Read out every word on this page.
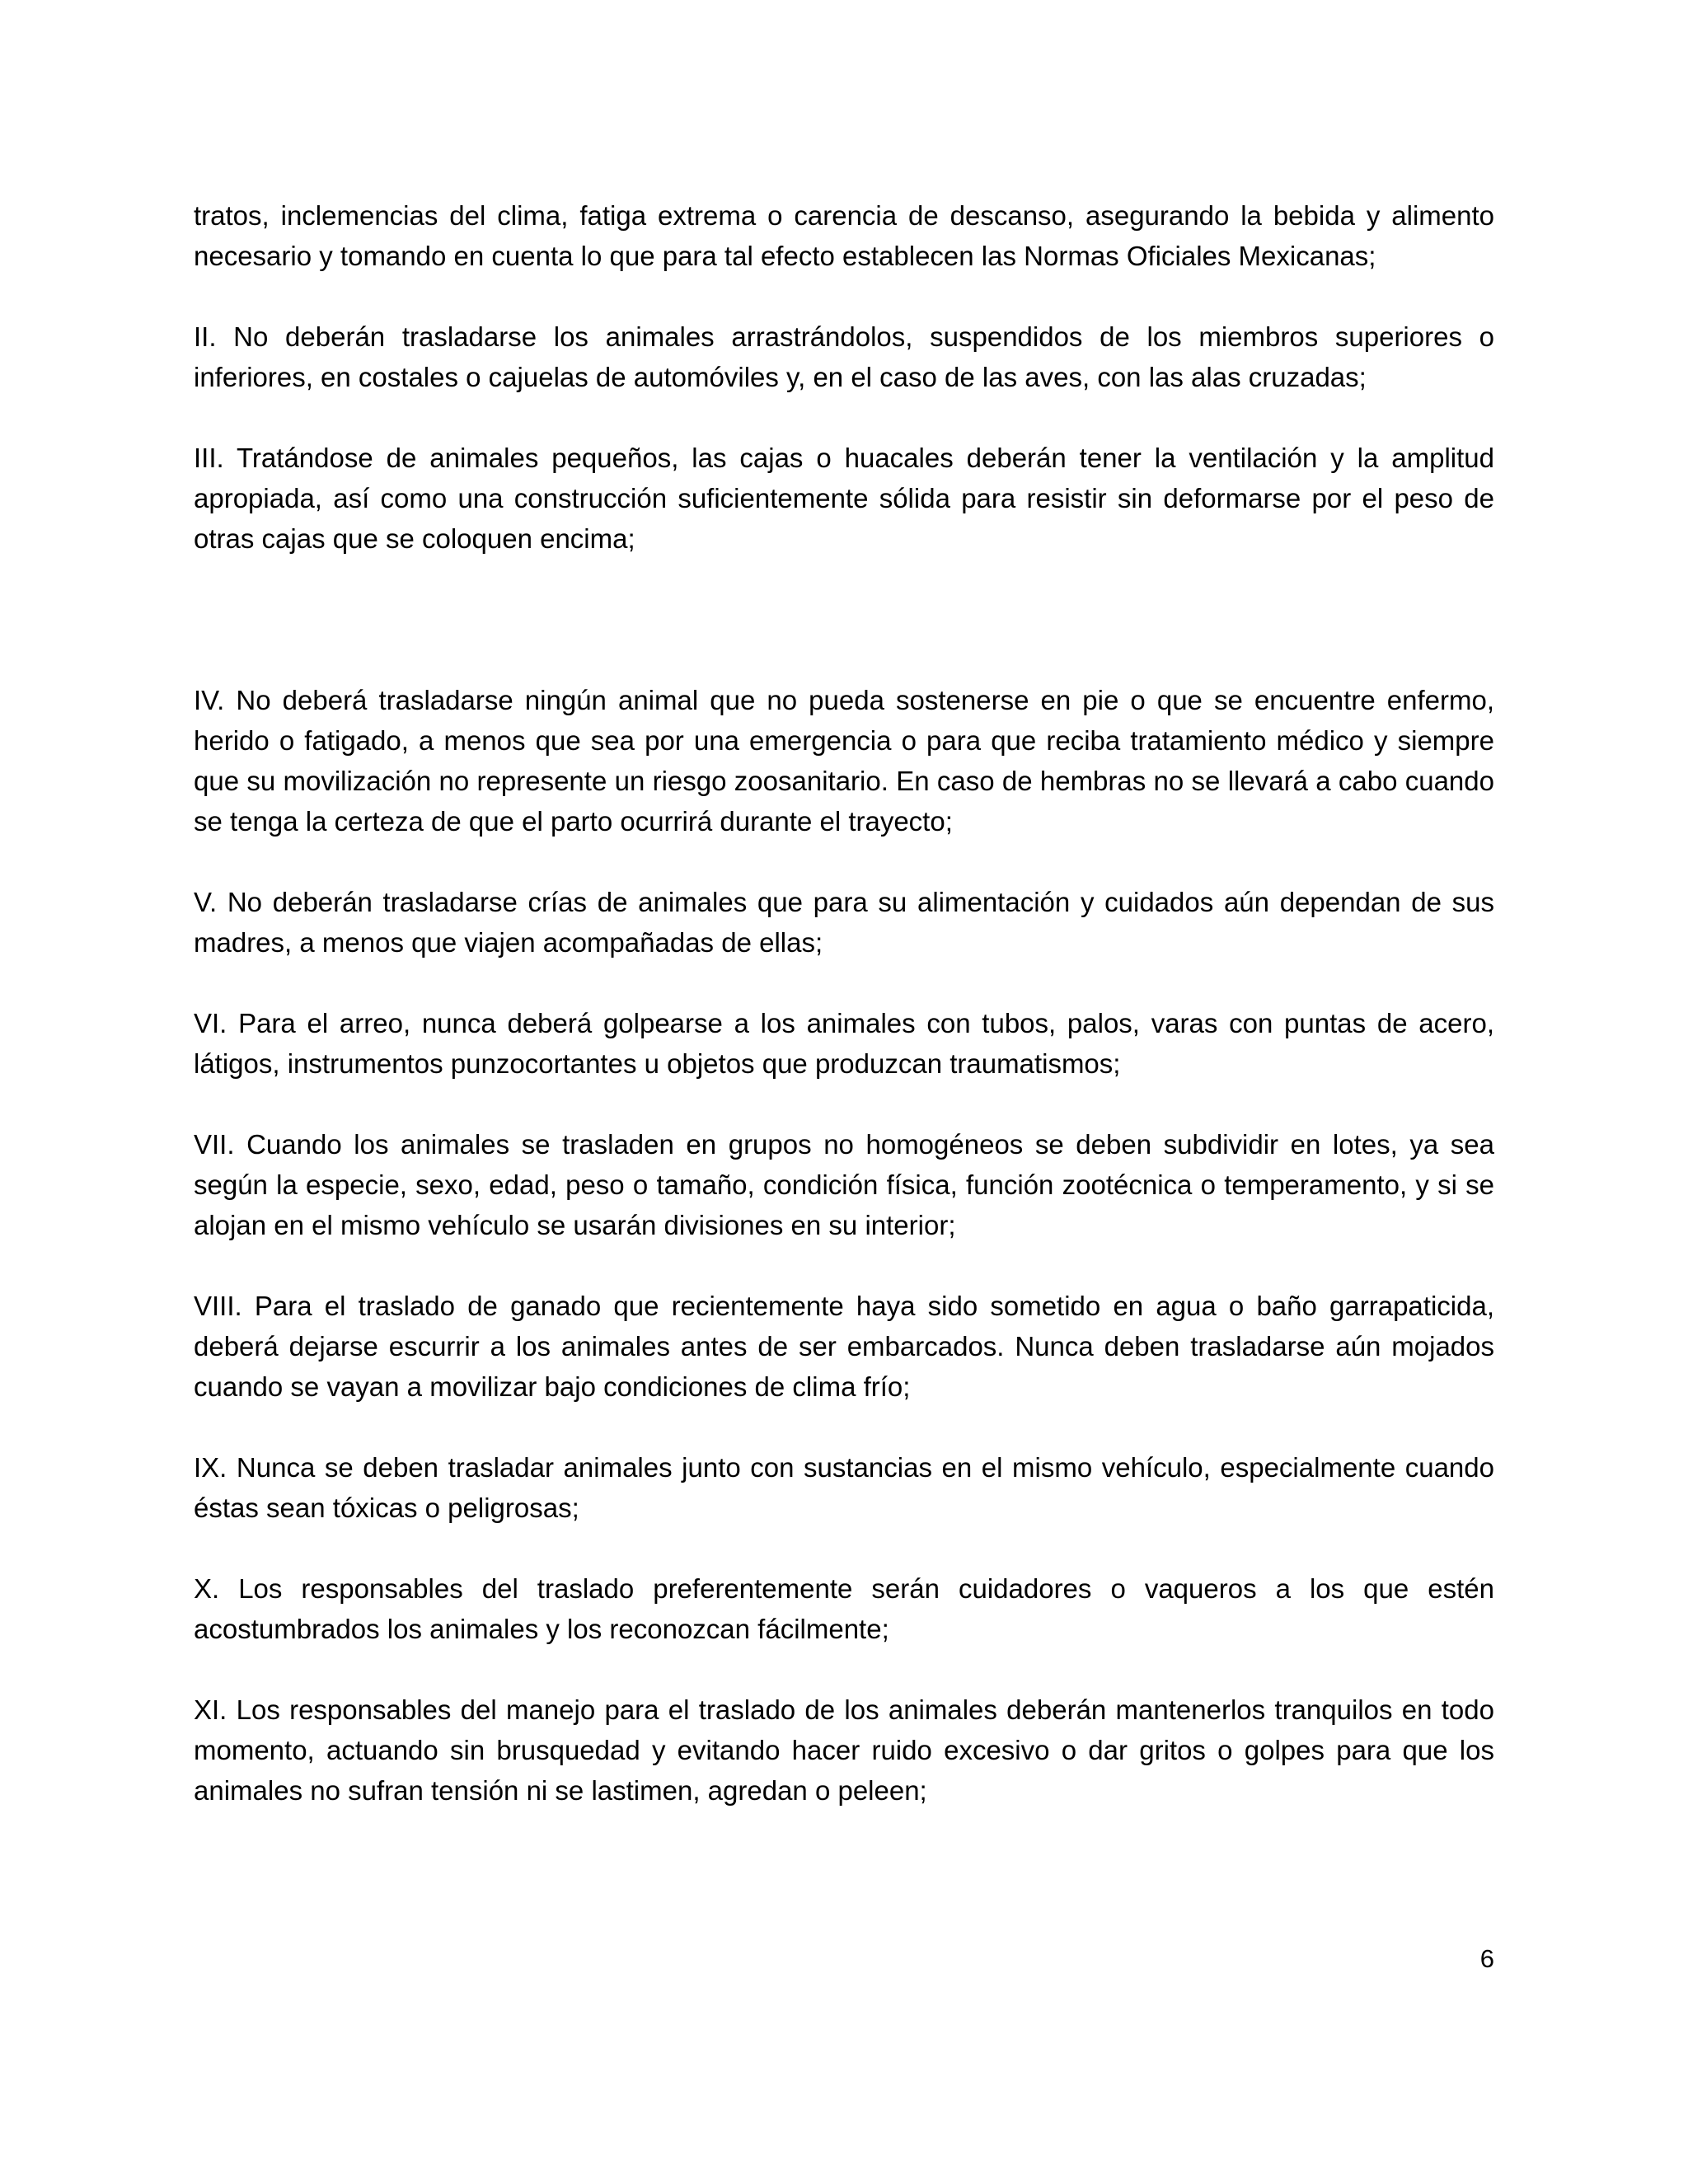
tratos, inclemencias del clima, fatiga extrema o carencia de descanso, asegurando la bebida y alimento necesario y tomando en cuenta lo que para tal efecto establecen las Normas Oficiales Mexicanas;

II. No deberán trasladarse los animales arrastrándolos, suspendidos de los miembros superiores o inferiores, en costales o cajuelas de automóviles y, en el caso de las aves, con las alas cruzadas;

III. Tratándose de animales pequeños, las cajas o huacales deberán tener la ventilación y la amplitud apropiada, así como una construcción suficientemente sólida para resistir sin deformarse por el peso de otras cajas que se coloquen encima;

IV. No deberá trasladarse ningún animal que no pueda sostenerse en pie o que se encuentre enfermo, herido o fatigado, a menos que sea por una emergencia o para que reciba tratamiento médico y siempre que su movilización no represente un riesgo zoosanitario. En caso de hembras no se llevará a cabo cuando se tenga la certeza de que el parto ocurrirá durante el trayecto;

V. No deberán trasladarse crías de animales que para su alimentación y cuidados aún dependan de sus madres, a menos que viajen acompañadas de ellas;

VI. Para el arreo, nunca deberá golpearse a los animales con tubos, palos, varas con puntas de acero, látigos, instrumentos punzocortantes u objetos que produzcan traumatismos;

VII. Cuando los animales se trasladen en grupos no homogéneos se deben subdividir en lotes, ya sea según la especie, sexo, edad, peso o tamaño, condición física, función zootécnica o temperamento, y si se alojan en el mismo vehículo se usarán divisiones en su interior;

VIII. Para el traslado de ganado que recientemente haya sido sometido en agua o baño garrapaticida, deberá dejarse escurrir a los animales antes de ser embarcados. Nunca deben trasladarse aún mojados cuando se vayan a movilizar bajo condiciones de clima frío;

IX. Nunca se deben trasladar animales junto con sustancias en el mismo vehículo, especialmente cuando éstas sean tóxicas o peligrosas;

X. Los responsables del traslado preferentemente serán cuidadores o vaqueros a los que estén acostumbrados los animales y los reconozcan fácilmente;

XI. Los responsables del manejo para el traslado de los animales deberán mantenerlos tranquilos en todo momento, actuando sin brusquedad y evitando hacer ruido excesivo o dar gritos o golpes para que los animales no sufran tensión ni se lastimen, agredan o peleen;

6
